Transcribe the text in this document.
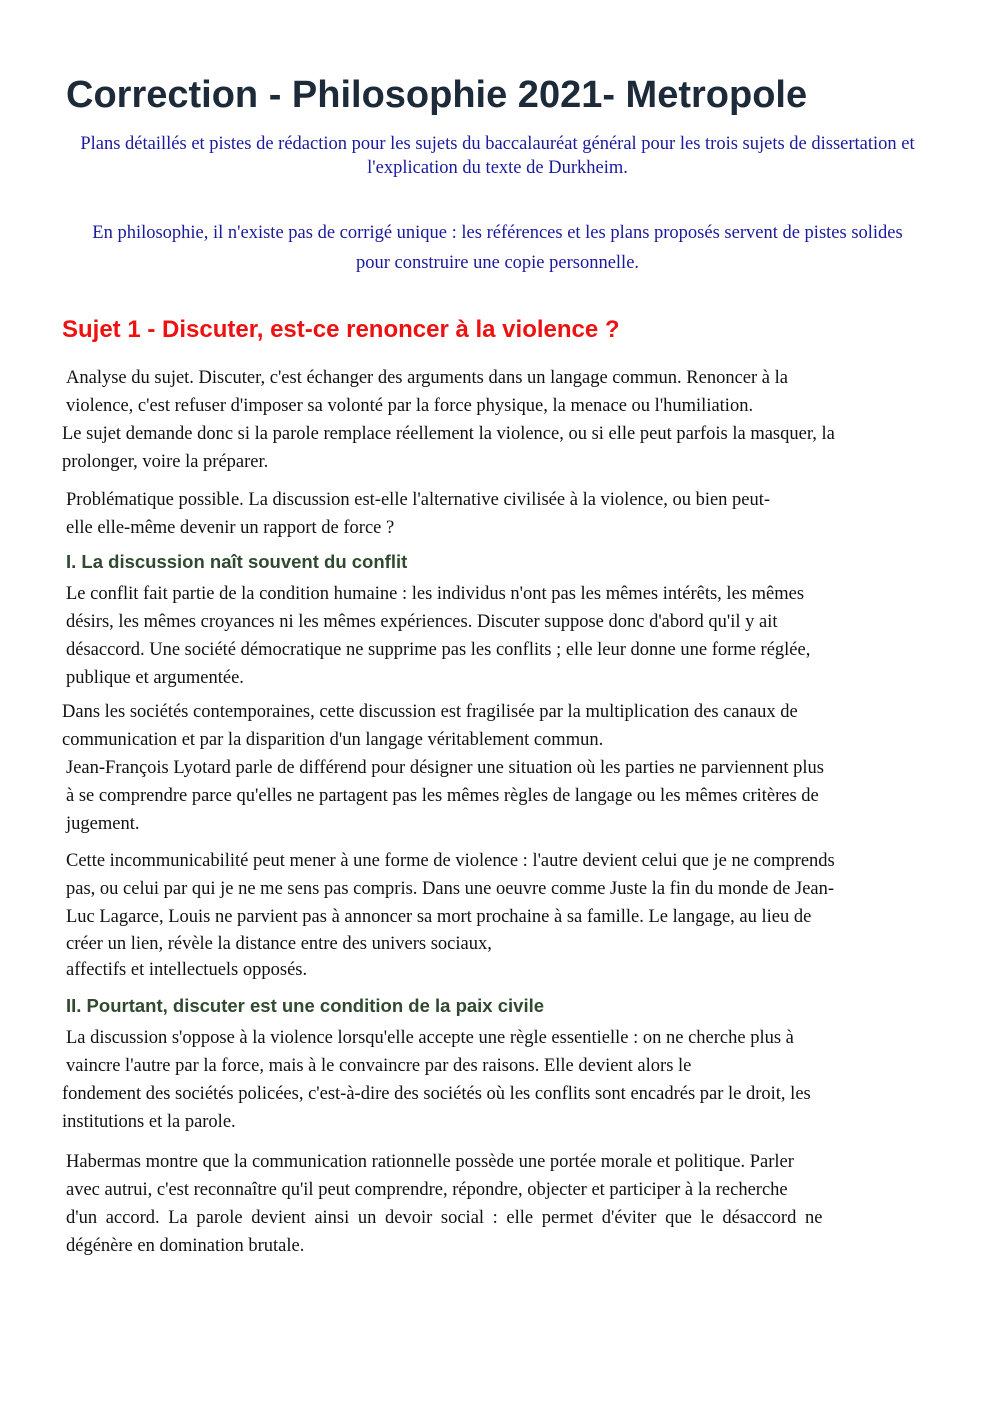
Correction - Philosophie 2021- Metropole

Plans détaillés et pistes de rédaction pour les sujets du baccalauréat général pour les trois sujets de dissertation et l'explication du texte de Durkheim.

En philosophie, il n'existe pas de corrigé unique : les références et les plans proposés servent de pistes solides pour construire une copie personnelle.

Sujet 1 - Discuter, est-ce renoncer à la violence ?

Analyse du sujet. Discuter, c'est échanger des arguments dans un langage commun. Renoncer à la
violence, c'est refuser d'imposer sa volonté par la force physique, la menace ou l'humiliation.

Le sujet demande donc si la parole remplace réellement la violence, ou si elle peut parfois la masquer, la
prolonger, voire la préparer.

Problématique possible. La discussion est-elle l'alternative civilisée à la violence, ou bien peut-
elle elle-même devenir un rapport de force ?

I. La discussion naît souvent du conflit

Le conflit fait partie de la condition humaine : les individus n'ont pas les mêmes intérêts, les mêmes
désirs, les mêmes croyances ni les mêmes expériences. Discuter suppose donc d'abord qu'il y ait
désaccord. Une société démocratique ne supprime pas les conflits ; elle leur donne une forme réglée,
publique et argumentée.

Dans les sociétés contemporaines, cette discussion est fragilisée par la multiplication des canaux de
communication et par la disparition d'un langage véritablement commun.

Jean-François Lyotard parle de différend pour désigner une situation où les parties ne parviennent plus
à se comprendre parce qu'elles ne partagent pas les mêmes règles de langage ou les mêmes critères de
jugement.

Cette incommunicabilité peut mener à une forme de violence : l'autre devient celui que je ne comprends
pas, ou celui par qui je ne me sens pas compris. Dans une oeuvre comme Juste la fin du monde de Jean-
Luc Lagarce, Louis ne parvient pas à annoncer sa mort prochaine à sa famille. Le langage, au lieu de
créer un lien, révèle la distance entre des univers sociaux,
affectifs et intellectuels opposés.

II. Pourtant, discuter est une condition de la paix civile

La discussion s'oppose à la violence lorsqu'elle accepte une règle essentielle : on ne cherche plus à
vaincre l'autre par la force, mais à le convaincre par des raisons. Elle devient alors le

fondement des sociétés policées, c'est-à-dire des sociétés où les conflits sont encadrés par le droit, les
institutions et la parole.

Habermas montre que la communication rationnelle possède une portée morale et politique. Parler
avec autrui, c'est reconnaître qu'il peut comprendre, répondre, objecter et participer à la recherche
d'un accord. La parole devient ainsi un devoir social : elle permet d'éviter que le désaccord ne
dégénère en domination brutale.
